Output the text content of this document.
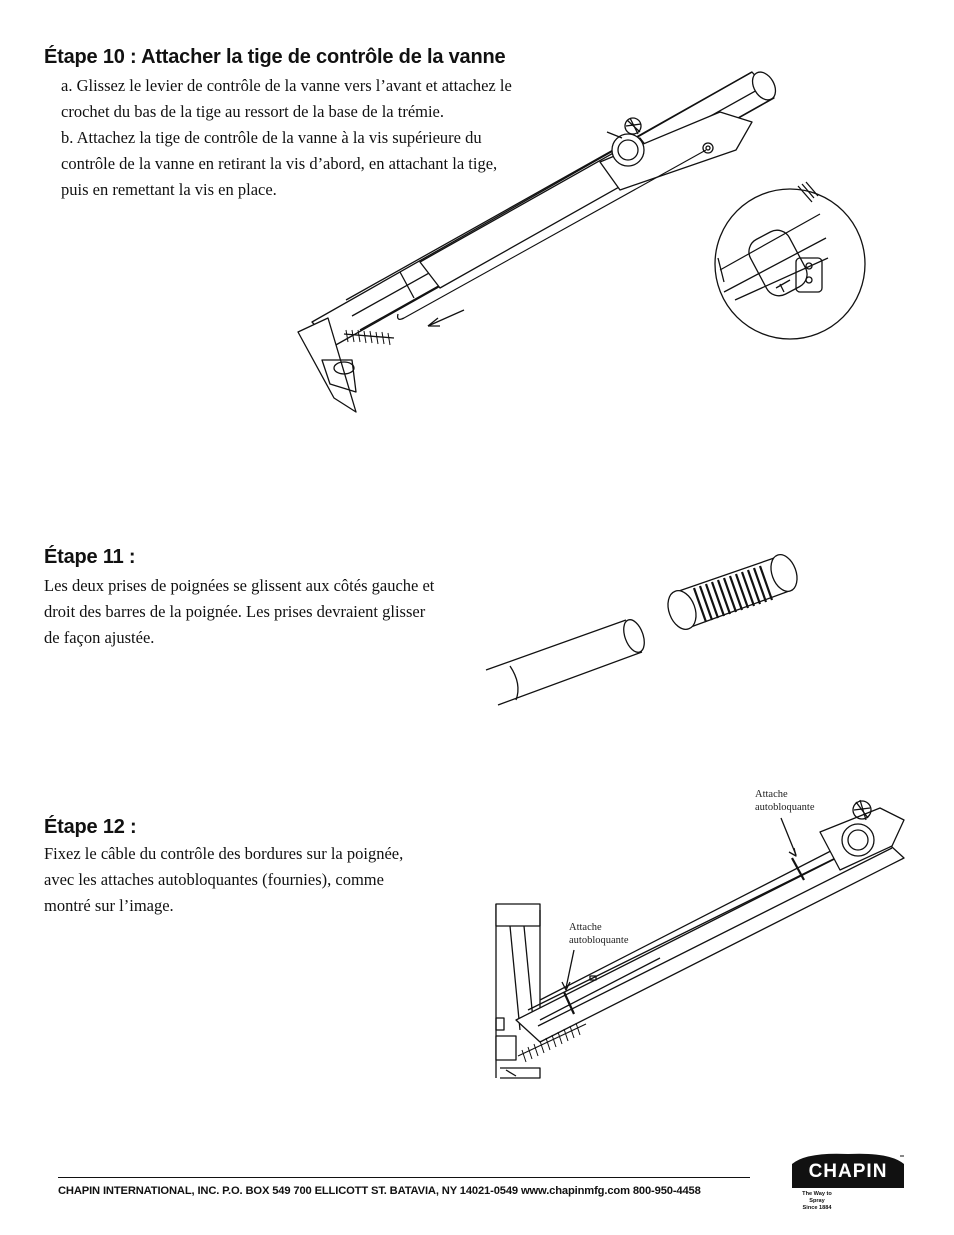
Étape 10 : Attacher la tige de contrôle de la vanne

a. Glissez le levier de contrôle de la vanne vers l’avant et attachez le
crochet du bas de la tige au ressort de la base de la trémie.
b. Attachez la tige de contrôle de la vanne à la vis supérieure du
contrôle de la vanne en retirant la vis d’abord, en attachant la tige,
puis en remettant la vis en place.

Étape 11 :

Les deux prises de poignées se glissent aux côtés gauche et
droit des barres de la poignée. Les prises devraient glisser
de façon ajustée.

Étape 12 :

Fixez le câble du contrôle des bordures sur la poignée,
avec les attaches autobloquantes (fournies), comme
montré sur l’image.

Attache
autobloquante
Attache
autobloquante
CHAPIN INTERNATIONAL, INC. P.O. BOX 549 700 ELLICOTT ST. BATAVIA, NY 14021-0549 www.chapinmfg.com 800-950-4458
CHAPIN
The Way to Spray
Since 1884
